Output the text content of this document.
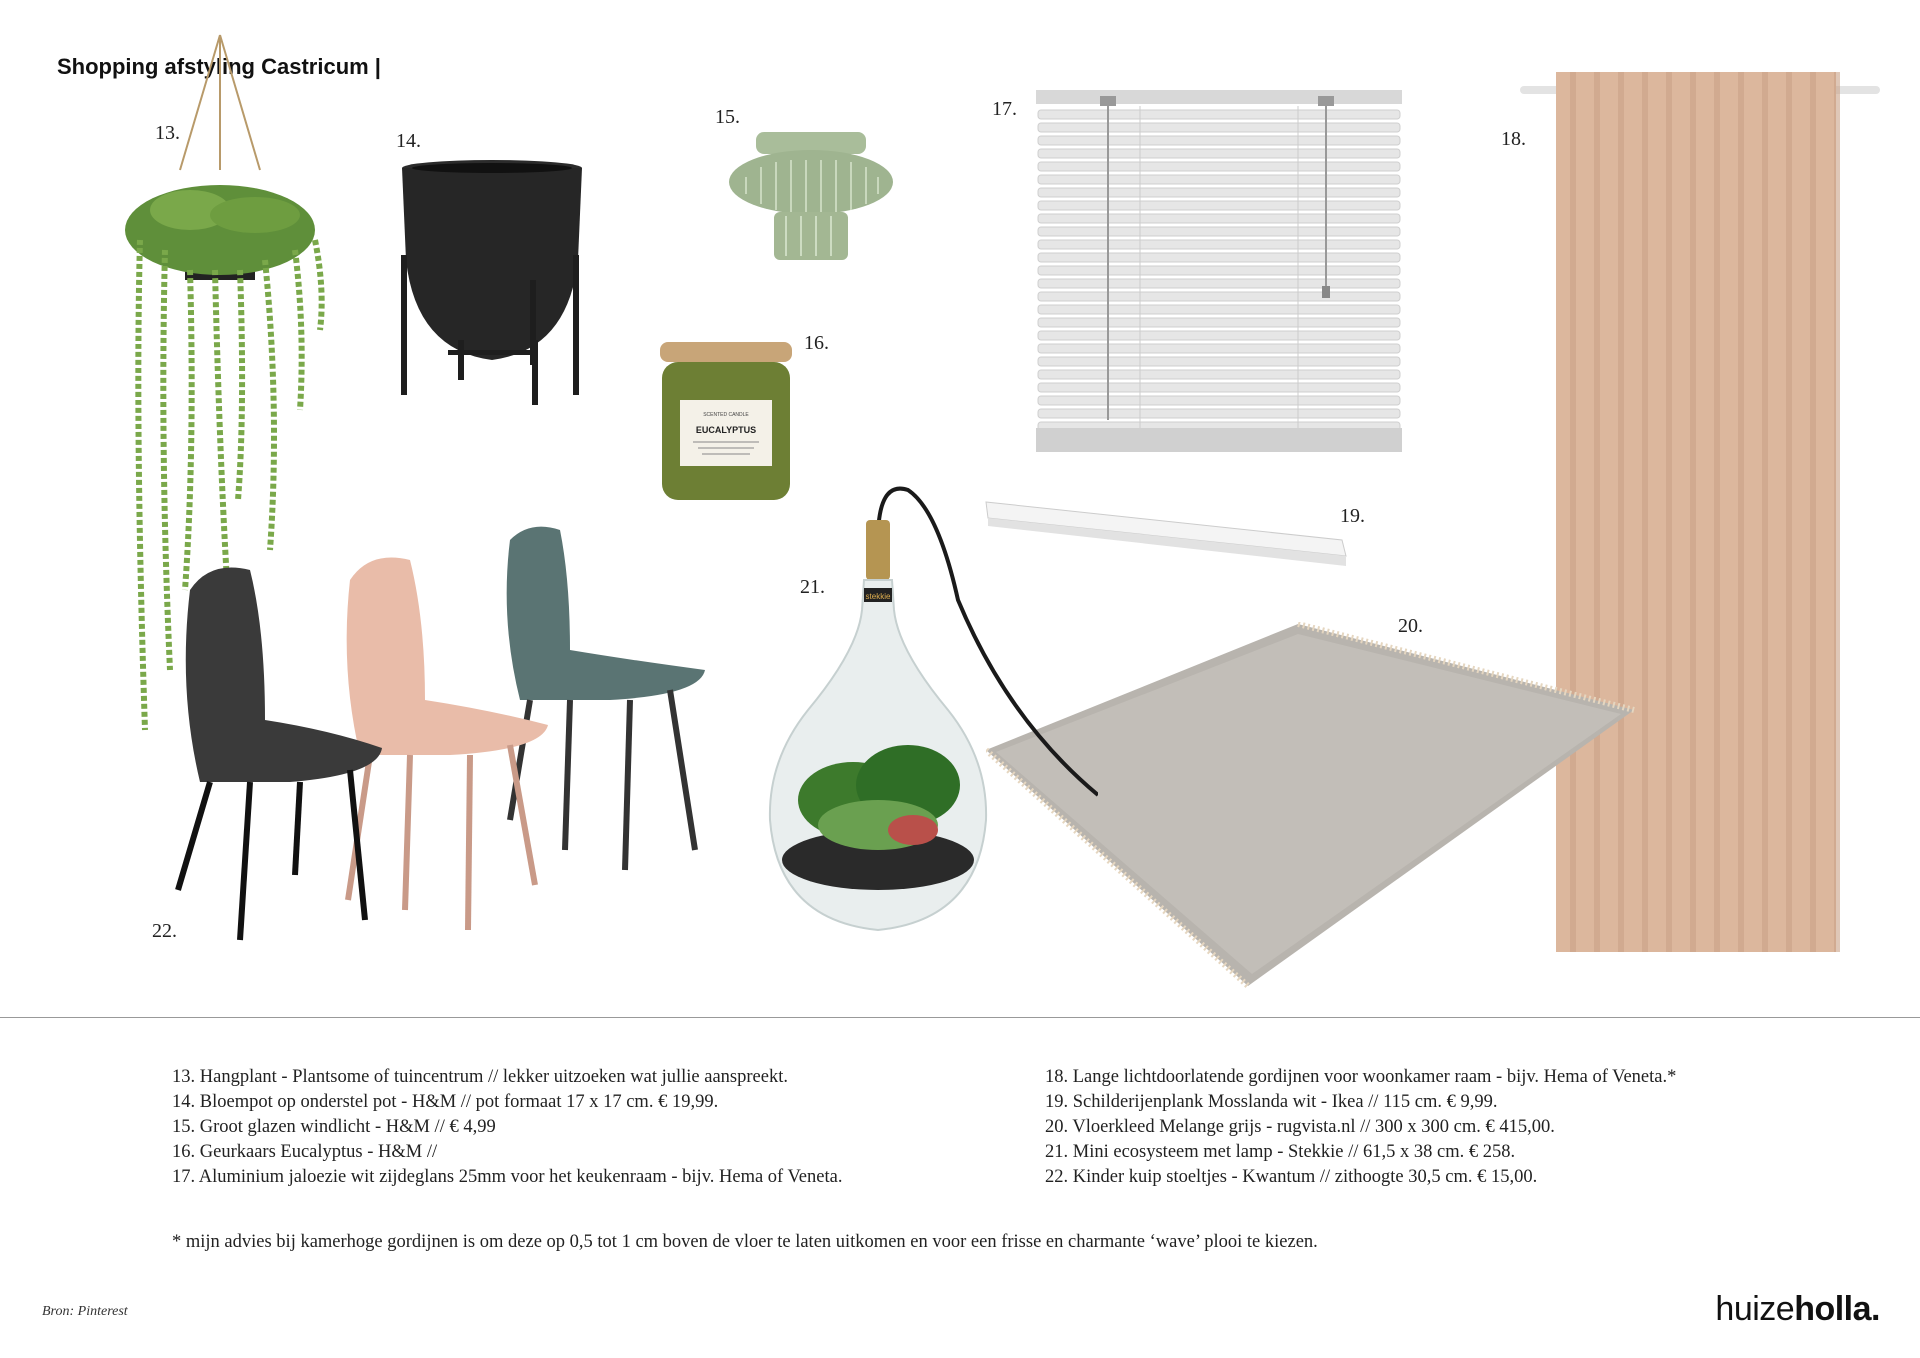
Shopping afstyling Castricum |
13.	14.
15.
16.
17.
18.
19.
20.
21.
22.
SCENTED CANDLE
EUCALYPTUS
stekkie
13. Hangplant - Plantsome of tuincentrum // lekker uitzoeken wat jullie aanspreekt.
14. Bloempot op onderstel pot - H&M // pot formaat 17 x 17 cm. € 19,99.
15. Groot glazen windlicht - H&M // € 4,99
16. Geurkaars Eucalyptus - H&M //
17. Aluminium jaloezie wit zijdeglans 25mm voor het keukenraam - bijv. Hema of Veneta.
18. Lange lichtdoorlatende gordijnen voor woonkamer raam - bijv. Hema of Veneta.*
19. Schilderijenplank Mosslanda wit - Ikea // 115 cm. € 9,99.
20. Vloerkleed Melange grijs - rugvista.nl // 300 x 300 cm. € 415,00.
21. Mini ecosysteem met lamp - Stekkie // 61,5 x 38 cm. € 258.
22. Kinder kuip stoeltjes - Kwantum // zithoogte 30,5 cm. € 15,00.
* mijn advies bij kamerhoge gordijnen is om deze op 0,5 tot 1 cm boven de vloer te laten uitkomen en voor een frisse en charmante ‘wave’ plooi te kiezen.
Bron: Pinterest	huizeholla.
